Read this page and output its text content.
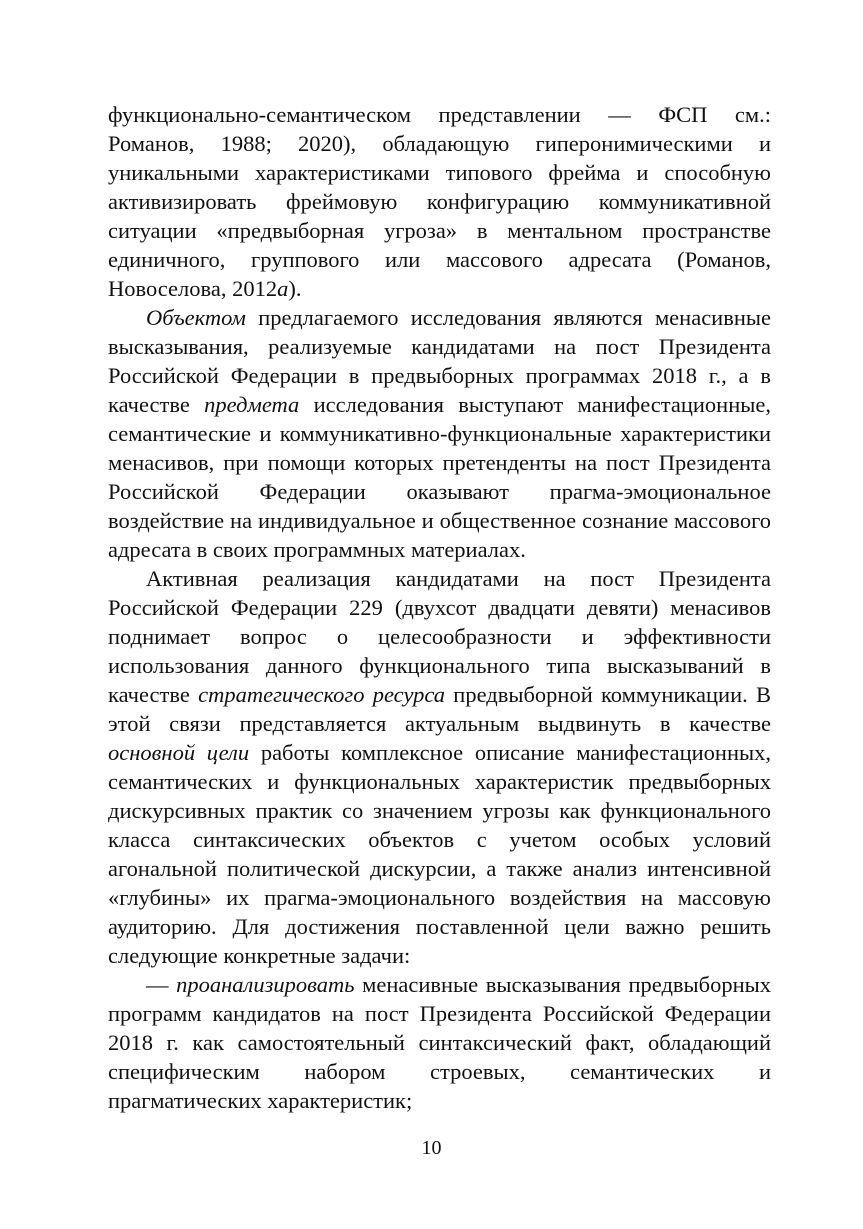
функционально-семантическом представлении — ФСП см.: Романов, 1988; 2020), обладающую гиперонимическими и уникальными характеристиками типового фрейма и способную активизировать фреймовую конфигурацию коммуникативной ситуации «предвыборная угроза» в ментальном пространстве единичного, группового или массового адресата (Романов, Новоселова, 2012а).

Объектом предлагаемого исследования являются менасивные высказывания, реализуемые кандидатами на пост Президента Российской Федерации в предвыборных программах 2018 г., а в качестве предмета исследования выступают манифестационные, семантические и коммуникативно-функциональные характеристики менасивов, при помощи которых претенденты на пост Президента Российской Федерации оказывают прагма-эмоциональное воздействие на индивидуальное и общественное сознание массового адресата в своих программных материалах.

Активная реализация кандидатами на пост Президента Российской Федерации 229 (двухсот двадцати девяти) менасивов поднимает вопрос о целесообразности и эффективности использования данного функционального типа высказываний в качестве стратегического ресурса предвыборной коммуникации. В этой связи представляется актуальным выдвинуть в качестве основной цели работы комплексное описание манифестационных, семантических и функциональных характеристик предвыборных дискурсивных практик со значением угрозы как функционального класса синтаксических объектов с учетом особых условий агональной политической дискурсии, а также анализ интенсивной «глубины» их прагма-эмоционального воздействия на массовую аудиторию. Для достижения поставленной цели важно решить следующие конкретные задачи:

— проанализировать менасивные высказывания предвыборных программ кандидатов на пост Президента Российской Федерации 2018 г. как самостоятельный синтаксический факт, обладающий специфическим набором строевых, семантических и прагматических характеристик;

10
